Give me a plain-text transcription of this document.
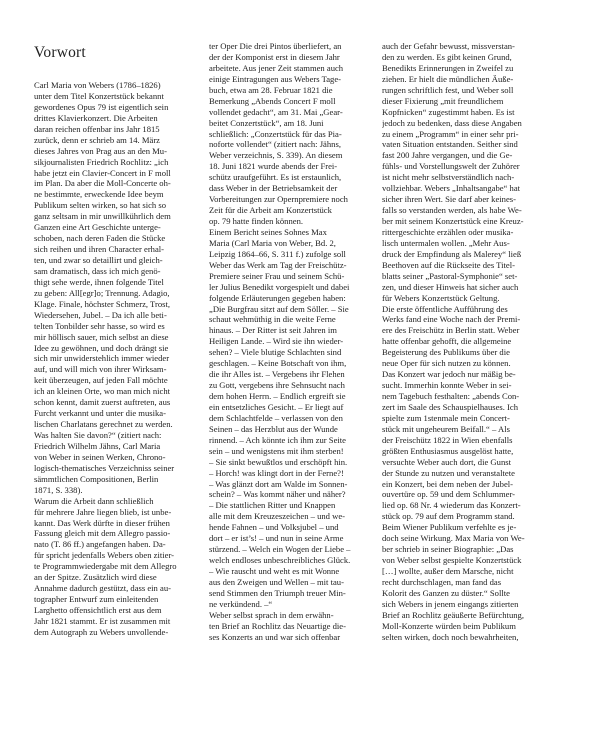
Vorwort
Carl Maria von Webers (1786–1826)
unter dem Titel Konzertstück bekannt
gewordenes Opus 79 ist eigentlich sein
drittes Klavierkonzert. Die Arbeiten
daran reichen offenbar ins Jahr 1815
zurück, denn er schrieb am 14. März
dieses Jahres von Prag aus an den Mu-
sikjournalisten Friedrich Rochlitz: „ich
habe jetzt ein Clavier-Concert in F moll
im Plan. Da aber die Moll-Concerte oh-
ne bestimmte, erweckende Idee beym
Publikum selten wirken, so hat sich so
ganz seltsam in mir unwillkührlich dem
Ganzen eine Art Geschichte unterge-
schoben, nach deren Faden die Stücke
sich reihen und ihren Character erhal-
ten, und zwar so detaillirt und gleich-
sam dramatisch, dass ich mich genö-
thigt sehe werde, ihnen folgende Titel
zu geben: All[egr]o; Trennung. Adagio,
Klage. Finale, höchster Schmerz, Trost,
Wiedersehen, Jubel. – Da ich alle beti-
telten Tonbilder sehr hasse, so wird es
mir höllisch sauer, mich selbst an diese
Idee zu gewöhnen, und doch drängt sie
sich mir unwiderstehlich immer wieder
auf, und will mich von ihrer Wirksam-
keit überzeugen, auf jeden Fall möchte
ich an kleinen Orte, wo man mich nicht
schon kennt, damit zuerst auftreten, aus
Furcht verkannt und unter die musika-
lischen Charlatans gerechnet zu werden.
Was halten Sie davon?“ (zitiert nach:
Friedrich Wilhelm Jähns, Carl Maria
von Weber in seinen Werken, Chrono-
logisch-thematisches Verzeichniss seiner
sämmtlichen Compositionen, Berlin
1871, S. 338).
Warum die Arbeit dann schließlich
für mehrere Jahre liegen blieb, ist unbe-
kannt. Das Werk dürfte in dieser frühen
Fassung gleich mit dem Allegro passio-
nato (T. 86 ff.) angefangen haben. Da-
für spricht jedenfalls Webers oben zitier-
te Programmwiedergabe mit dem Allegro
an der Spitze. Zusätzlich wird diese
Annahme dadurch gestützt, dass ein au-
tographer Entwurf zum einleitenden
Larghetto offensichtlich erst aus dem
Jahr 1821 stammt. Er ist zusammen mit
dem Autograph zu Webers unvollende-
ter Oper Die drei Pintos überliefert, an
der der Komponist erst in diesem Jahr
arbeitete. Aus jener Zeit stammen auch
einige Eintragungen aus Webers Tage-
buch, etwa am 28. Februar 1821 die
Bemerkung „Abends Concert F moll
vollendet gedacht“, am 31. Mai „Gear-
beitet Conzertstück“, am 18. Juni
schließlich: „Conzertstück für das Pia-
noforte vollendet“ (zitiert nach: Jähns,
Weber verzeichnis, S. 339). An diesem
18. Juni 1821 wurde abends der Frei-
schütz uraufgeführt. Es ist erstaunlich,
dass Weber in der Betriebsamkeit der
Vorbereitungen zur Opernpremiere noch
Zeit für die Arbeit am Konzertstück
op. 79 hatte finden können.
Einem Bericht seines Sohnes Max
Maria (Carl Maria von Weber, Bd. 2,
Leipzig 1864–66, S. 311 f.) zufolge soll
Weber das Werk am Tag der Freischütz-
Premiere seiner Frau und seinem Schü-
ler Julius Benedikt vorgespielt und dabei
folgende Erläuterungen gegeben haben:
„Die Burgfrau sitzt auf dem Söller. – Sie
schaut wehmüthig in die weite Ferne
hinaus. – Der Ritter ist seit Jahren im
Heiligen Lande. – Wird sie ihn wieder-
sehen? – Viele blutige Schlachten sind
geschlagen. – Keine Botschaft von ihm,
die ihr Alles ist. – Vergebens ihr Flehen
zu Gott, vergebens ihre Sehnsucht nach
dem hohen Herrn. – Endlich ergreift sie
ein entsetzliches Gesicht. – Er liegt auf
dem Schlachtfelde – verlassen von den
Seinen – das Herzblut aus der Wunde
rinnend. – Ach könnte ich ihm zur Seite
sein – und wenigstens mit ihm sterben!
– Sie sinkt bewußtlos und erschöpft hin.
– Horch! was klingt dort in der Ferne?!
– Was glänzt dort am Walde im Sonnen-
schein? – Was kommt näher und näher?
– Die stattlichen Ritter und Knappen
alle mit dem Kreuzeszeichen – und we-
hende Fahnen – und Volksjubel – und
dort – er ist’s! – und nun in seine Arme
stürzend. – Welch ein Wogen der Liebe –
welch endloses unbeschreibliches Glück.
– Wie rauscht und weht es mit Wonne
aus den Zweigen und Wellen – mit tau-
send Stimmen den Triumph treuer Min-
ne verkündend. –“
Weber selbst sprach in dem erwähn-
ten Brief an Rochlitz das Neuartige die-
ses Konzerts an und war sich offenbar
auch der Gefahr bewusst, missverstan-
den zu werden. Es gibt keinen Grund,
Benedikts Erinnerungen in Zweifel zu
ziehen. Er hielt die mündlichen Äuße-
rungen schriftlich fest, und Weber soll
dieser Fixierung „mit freundlichem
Kopfnicken“ zugestimmt haben. Es ist
jedoch zu bedenken, dass diese Angaben
zu einem „Programm“ in einer sehr pri-
vaten Situation entstanden. Seither sind
fast 200 Jahre vergangen, und die Ge-
fühls- und Vorstellungswelt der Zuhörer
ist nicht mehr selbstverständlich nach-
vollziehbar. Webers „Inhaltsangabe“ hat
sicher ihren Wert. Sie darf aber keines-
falls so verstanden werden, als habe We-
ber mit seinem Konzertstück eine Kreuz-
rittergeschichte erzählen oder musika-
lisch untermalen wollen. „Mehr Aus-
druck der Empfindung als Malerey“ ließ
Beethoven auf die Rückseite des Titel-
blatts seiner „Pastoral-Symphonie“ set-
zen, und dieser Hinweis hat sicher auch
für Webers Konzertstück Geltung.
Die erste öffentliche Aufführung des
Werks fand eine Woche nach der Premi-
ere des Freischütz in Berlin statt. Weber
hatte offenbar gehofft, die allgemeine
Begeisterung des Publikums über die
neue Oper für sich nutzen zu können.
Das Konzert war jedoch nur mäßig be-
sucht. Immerhin konnte Weber in sei-
nem Tagebuch festhalten: „abends Con-
zert im Saale des Schauspielhauses. Ich
spielte zum 1stenmale mein Concert-
stück mit ungeheurem Beifall.“ – Als
der Freischütz 1822 in Wien ebenfalls
größten Enthusiasmus ausgelöst hatte,
versuchte Weber auch dort, die Gunst
der Stunde zu nutzen und veranstaltete
ein Konzert, bei dem neben der Jubel-
ouvertüre op. 59 und dem Schlummer-
lied op. 68 Nr. 4 wiederum das Konzert-
stück op. 79 auf dem Programm stand.
Beim Wiener Publikum verfehlte es je-
doch seine Wirkung. Max Maria von We-
ber schrieb in seiner Biographie: „Das
von Weber selbst gespielte Konzertstück
[…] wollte, außer dem Marsche, nicht
recht durchschlagen, man fand das
Kolorit des Ganzen zu düster.“ Sollte
sich Webers in jenem eingangs zitierten
Brief an Rochlitz geäußerte Befürchtung,
Moll-Konzerte würden beim Publikum
selten wirken, doch noch bewahrheiten,
